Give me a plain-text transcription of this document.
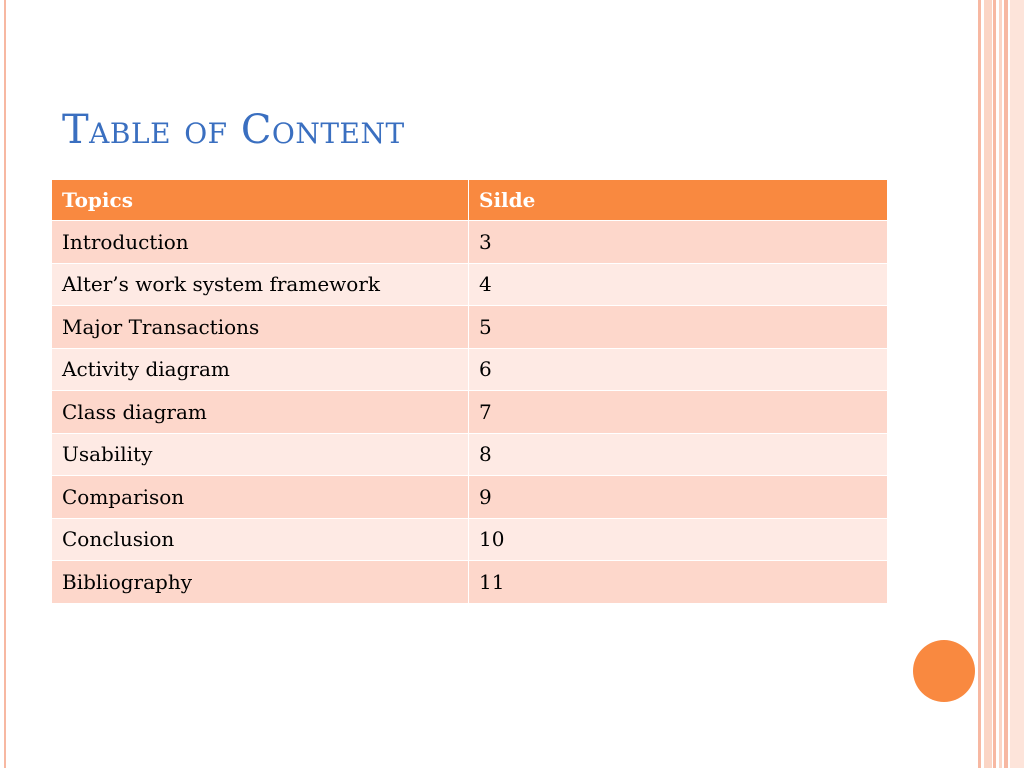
Table of Content
Topics	Silde
Introduction	3
Alter’s work system framework	4
Major Transactions	5
Activity diagram	6
Class diagram	7
Usability	8
Comparison	9
Conclusion	10
Bibliography	11
